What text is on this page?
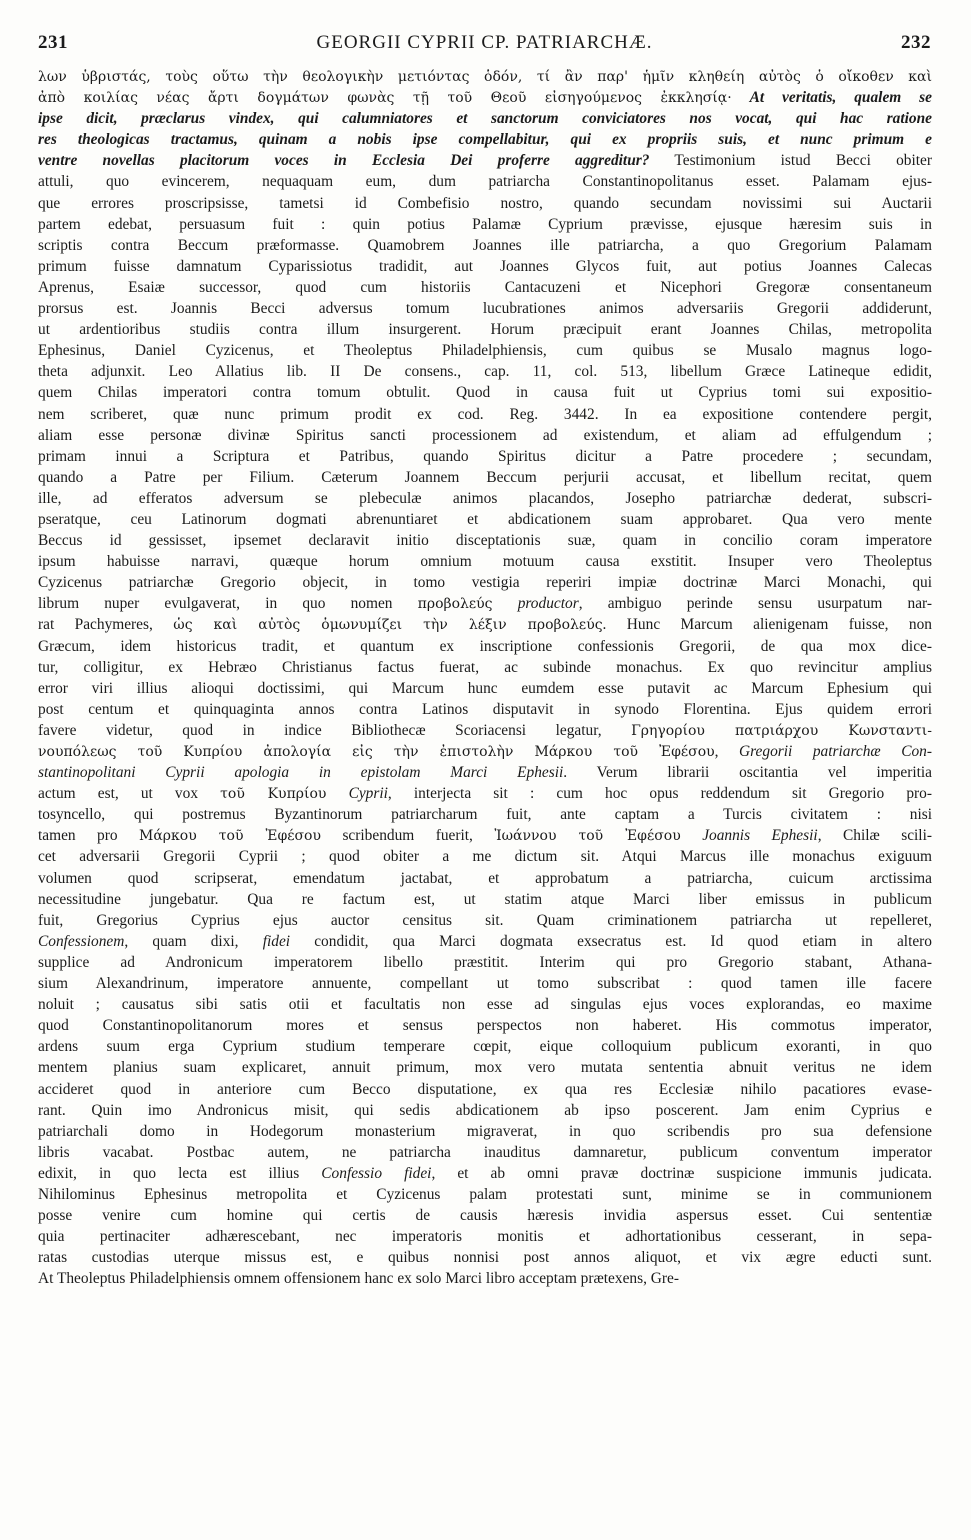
231	GEORGII CYPRII CP. PATRIARCHÆ.	232
λων ὑβριστάς, τοὺς οὕτω τὴν θεολογικὴν μετιόντας ὁδόν, τί ἂν παρ' ἡμῖν κληθείη αὐτὸς ὁ οἴκοθεν καὶ
ἀπὸ κοιλίας νέας ἄρτι δογμάτων φωνὰς τῇ τοῦ Θεοῦ εἰσηγούμενος ἐκκλησίᾳ· At veritatis, qualem se
ipse dicit, præclarus vindex, qui calumniatores et sanctorum conviciatores nos vocat, qui hac ratione
res theologicas tractamus, quinam a nobis ipse compellabitur, qui ex propriis suis, et nunc primum e
ventre novellas placitorum voces in Ecclesia Dei proferre aggreditur? Testimonium istud Becci obiter
attuli, quo evincerem, nequaquam eum, dum patriarcha Constantinopolitanus esset. Palamam ejus-
que errores proscripsisse, tametsi id Combefisio nostro, quando secundam novissimi sui Auctarii
partem edebat, persuasum fuit : quin potius Palamæ Cyprium prævisse, ejusque hæresim suis in
scriptis contra Beccum præformasse. Quamobrem Joannes ille patriarcha, a quo Gregorium Palamam
primum fuisse damnatum Cyparissiotus tradidit, aut Joannes Glycos fuit, aut potius Joannes Calecas
Aprenus, Esaiæ successor, quod cum historiis Cantacuzeni et Nicephori Gregoræ consentaneum
prorsus est. Joannis Becci adversus tomum lucubrationes animos adversariis Gregorii addiderunt,
ut ardentioribus studiis contra illum insurgerent. Horum præcipuit erant Joannes Chilas, metropolita
Ephesinus, Daniel Cyzicenus, et Theoleptus Philadelphiensis, cum quibus se Musalo magnus logo-
theta adjunxit. Leo Allatius lib. II De consens., cap. 11, col. 513, libellum Græce Latineque edidit,
quem Chilas imperatori contra tomum obtulit. Quod in causa fuit ut Cyprius tomi sui expositio-
nem scriberet, quæ nunc primum prodit ex cod. Reg. 3442. In ea expositione contendere pergit,
aliam esse personæ divinæ Spiritus sancti processionem ad existendum, et aliam ad effulgendum ;
primam innui a Scriptura et Patribus, quando Spiritus dicitur a Patre procedere ; secundam,
quando a Patre per Filium. Cæterum Joannem Beccum perjurii accusat, et libellum recitat, quem
ille, ad efferatos adversum se plebeculæ animos placandos, Josepho patriarchæ dederat, subscri-
pseratque, ceu Latinorum dogmati abrenuntiaret et abdicationem suam approbaret. Qua vero mente
Beccus id gessisset, ipsemet declaravit initio disceptationis suæ, quam in concilio coram imperatore
ipsum habuisse narravi, quæque horum omnium motuum causa exstitit. Insuper vero Theoleptus
Cyzicenus patriarchæ Gregorio objecit, in tomo vestigia reperiri impiæ doctrinæ Marci Monachi, qui
librum nuper evulgaverat, in quo nomen προβολεύς productor, ambiguo perinde sensu usurpatum nar-
rat Pachymeres, ὡς καὶ αὐτὸς ὁμωνυμίζει τὴν λέξιν προβολεύς. Hunc Marcum alienigenam fuisse, non
Græcum, idem historicus tradit, et quantum ex inscriptione confessionis Gregorii, de qua mox dice-
tur, colligitur, ex Hebræo Christianus factus fuerat, ac subinde monachus. Ex quo revincitur amplius
error viri illius alioqui doctissimi, qui Marcum hunc eumdem esse putavit ac Marcum Ephesium qui
post centum et quinquaginta annos contra Latinos disputavit in synodo Florentina. Ejus quidem errori
favere videtur, quod in indice Bibliothecæ Scoriacensi legatur, Γρηγορίου πατριάρχου Κωνσταντι-
νουπόλεως τοῦ Κυπρίου ἀπολογία εἰς τὴν ἐπιστολὴν Μάρκου τοῦ Ἐφέσου, Gregorii patriarchæ Con-
stantinopolitani Cyprii apologia in epistolam Marci Ephesii. Verum librarii oscitantia vel imperitia
actum est, ut vox τοῦ Κυπρίου Cyprii, interjecta sit : cum hoc opus reddendum sit Gregorio pro-
tosyncello, qui postremus Byzantinorum patriarcharum fuit, ante captam a Turcis civitatem : nisi
tamen pro Μάρκου τοῦ Ἐφέσου scribendum fuerit, Ἰωάννου τοῦ Ἐφέσου Joannis Ephesii, Chilæ scili-
cet adversarii Gregorii Cyprii ; quod obiter a me dictum sit. Atqui Marcus ille monachus exiguum
volumen quod scripserat, emendatum jactabat, et approbatum a patriarcha, cuicum arctissima
necessitudine jungebatur. Qua re factum est, ut statim atque Marci liber emissus in publicum
fuit, Gregorius Cyprius ejus auctor censitus sit. Quam criminationem patriarcha ut repelleret,
Confessionem, quam dixi, fidei condidit, qua Marci dogmata exsecratus est. Id quod etiam in altero
supplice ad Andronicum imperatorem libello præstitit. Interim qui pro Gregorio stabant, Athana-
sium Alexandrinum, imperatore annuente, compellant ut tomo subscribat : quod tamen ille facere
noluit ; causatus sibi satis otii et facultatis non esse ad singulas ejus voces explorandas, eo maxime
quod Constantinopolitanorum mores et sensus perspectos non haberet. His commotus imperator,
ardens suum erga Cyprium studium temperare cœpit, eique colloquium publicum exoranti, in quo
mentem planius suam explicaret, annuit primum, mox vero mutata sententia abnuit veritus ne idem
accideret quod in anteriore cum Becco disputatione, ex qua res Ecclesiæ nihilo pacatiores evase-
rant. Quin imo Andronicus misit, qui sedis abdicationem ab ipso poscerent. Jam enim Cyprius e
patriarchali domo in Hodegorum monasterium migraverat, in quo scribendis pro sua defensione
libris vacabat. Postbac autem, ne patriarcha inauditus damnaretur, publicum conventum imperator
edixit, in quo lecta est illius Confessio fidei, et ab omni pravæ doctrinæ suspicione immunis judicata.
Nihilominus Ephesinus metropolita et Cyzicenus palam protestati sunt, minime se in communionem
posse venire cum homine qui certis de causis hæresis invidia aspersus esset. Cui sententiæ
quia pertinaciter adhærescebant, nec imperatoris monitis et adhortationibus cesserant, in sepa-
ratas custodias uterque missus est, e quibus nonnisi post annos aliquot, et vix ægre educti sunt.
At Theoleptus Philadelphiensis omnem offensionem hanc ex solo Marci libro acceptam prætexens, Gre-
